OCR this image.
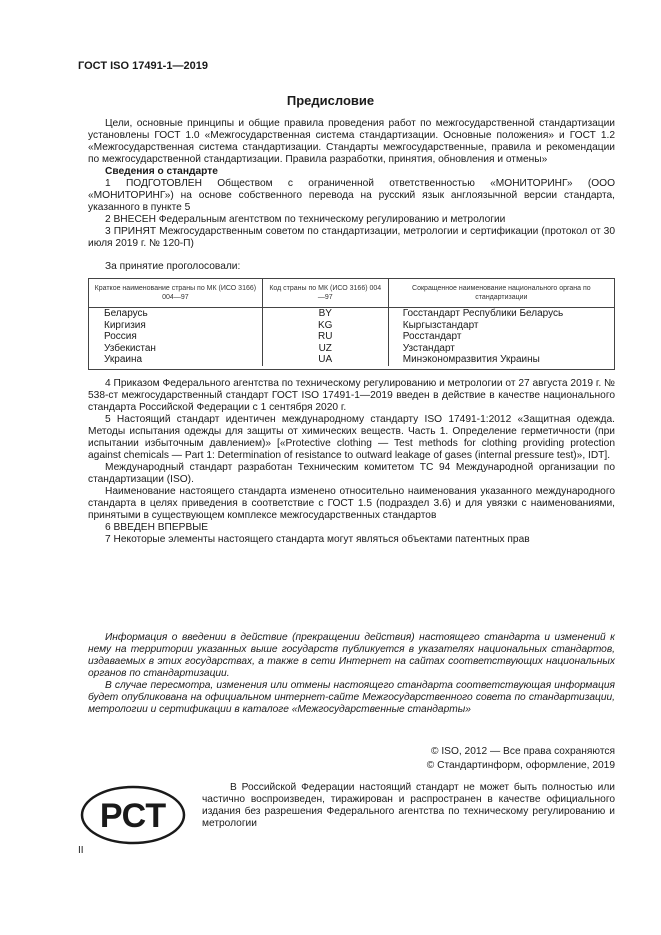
ГОСТ ISO 17491-1—2019
Предисловие

Цели, основные принципы и общие правила проведения работ по межгосударственной стандартизации установлены ГОСТ 1.0 «Межгосударственная система стандартизации. Основные положения» и ГОСТ 1.2 «Межгосударственная система стандартизации. Стандарты межгосударственные, правила и рекомендации по межгосударственной стандартизации. Правила разработки, принятия, обновления и отмены»

Сведения о стандарте

1 ПОДГОТОВЛЕН Обществом с ограниченной ответственностью «МОНИТОРИНГ» (ООО «МОНИТОРИНГ») на основе собственного перевода на русский язык англоязычной версии стандарта, указанного в пункте 5

2 ВНЕСЕН Федеральным агентством по техническому регулированию и метрологии

3 ПРИНЯТ Межгосударственным советом по стандартизации, метрологии и сертификации (протокол от 30 июля 2019 г. № 120-П)

За принятие проголосовали:

Краткое наименование страны по МК (ИСО 3166) 004—97	Код страны по МК (ИСО 3166) 004—97	Сокращенное наименование национального органа по стандартизации
Беларусь	BY	Госстандарт Республики Беларусь
Киргизия	KG	Кыргызстандарт
Россия	RU	Росстандарт
Узбекистан	UZ	Узстандарт
Украина	UA	Минэкономразвития Украины

4 Приказом Федерального агентства по техническому регулированию и метрологии от 27 августа 2019 г. № 538-ст межгосударственный стандарт ГОСТ ISO 17491-1—2019 введен в действие в качестве национального стандарта Российской Федерации с 1 сентября 2020 г.

5 Настоящий стандарт идентичен международному стандарту ISO 17491-1:2012 «Защитная одежда. Методы испытания одежды для защиты от химических веществ. Часть 1. Определение герметичности (при испытании избыточным давлением)» [«Protective clothing — Test methods for clothing providing protection against chemicals — Part 1: Determination of resistance to outward leakage of gases (internal pressure test)», IDT].

Международный стандарт разработан Техническим комитетом ТС 94 Международной организации по стандартизации (ISO).

Наименование настоящего стандарта изменено относительно наименования указанного международного стандарта в целях приведения в соответствие с ГОСТ 1.5 (подраздел 3.6) и для увязки с наименованиями, принятыми в существующем комплексе межгосударственных стандартов

6 ВВЕДЕН ВПЕРВЫЕ

7 Некоторые элементы настоящего стандарта могут являться объектами патентных прав

Информация о введении в действие (прекращении действия) настоящего стандарта и изменений к нему на территории указанных выше государств публикуется в указателях национальных стандартов, издаваемых в этих государствах, а также в сети Интернет на сайтах соответствующих национальных органов по стандартизации.

В случае пересмотра, изменения или отмены настоящего стандарта соответствующая информация будет опубликована на официальном интернет-сайте Межгосударственного совета по стандартизации, метрологии и сертификации в каталоге «Межгосударственные стандарты»

© ISO, 2012 — Все права сохраняются
© Стандартинформ, оформление, 2019
РСТ
В Российской Федерации настоящий стандарт не может быть полностью или частично воспроизведен, тиражирован и распространен в качестве официального издания без разрешения Федерального агентства по техническому регулированию и метрологии
II
